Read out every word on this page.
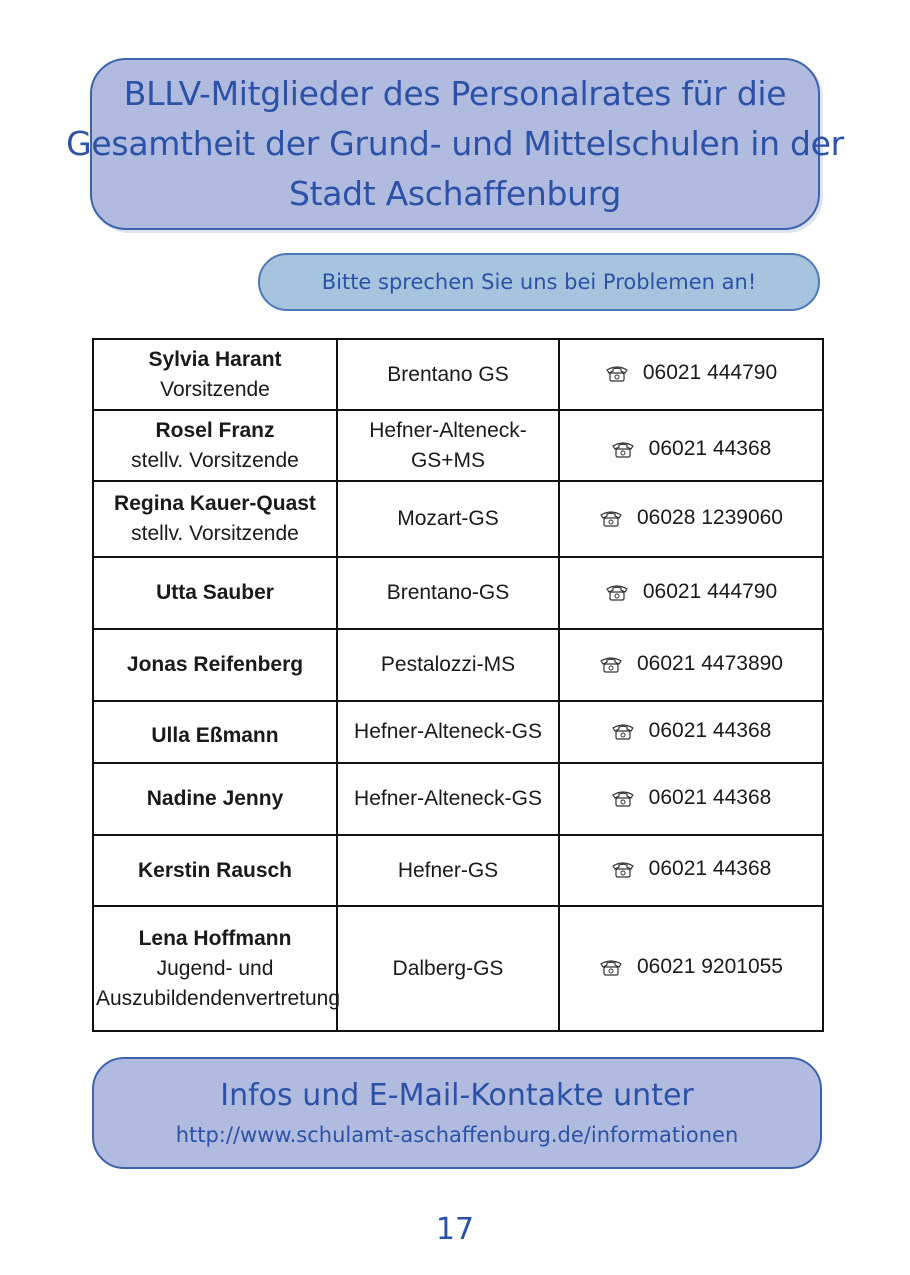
BLLV-Mitglieder des Personalrates für die
Gesamtheit der Grund- und Mittelschulen in der
Stadt Aschaffenburg
Bitte sprechen Sie uns bei Problemen an!
Sylvia Harant
Vorsitzende	Brentano GS	06021 444790

Rosel Franz
stellv. Vorsitzende	Hefner-Alteneck-GS+MS	06021 44368

Regina Kauer-Quast
stellv. Vorsitzende	Mozart-GS	06028 1239060

Utta Sauber	Brentano-GS	06021 444790

Jonas Reifenberg	Pestalozzi-MS	06021 4473890

Ulla Eßmann	Hefner-Alteneck-GS	06021 44368

Nadine Jenny	Hefner-Alteneck-GS	06021 44368

Kerstin Rausch	Hefner-GS	06021 44368

Lena Hoffmann
Jugend- und Auszubildendenvertretung	Dalberg-GS	06021 9201055
Infos und E-Mail-Kontakte unter
http://www.schulamt-aschaffenburg.de/informationen
17
